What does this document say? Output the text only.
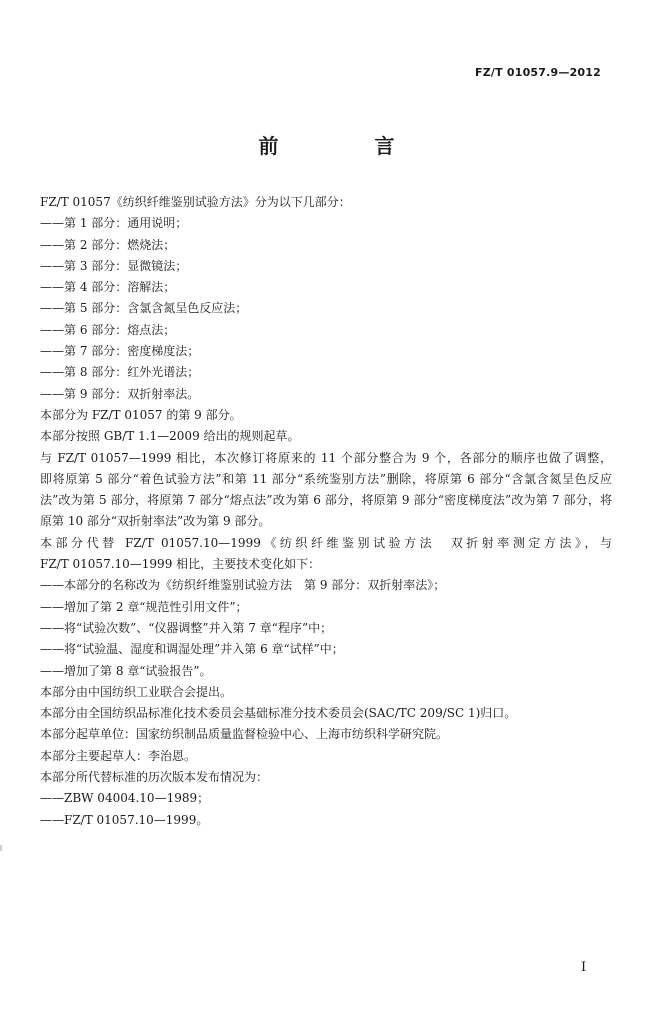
FZ/T 01057.9—2012
前　言
FZ/T 01057《纺织纤维鉴别试验方法》分为以下几部分：
——第 1 部分：通用说明；
——第 2 部分：燃烧法；
——第 3 部分：显微镜法；
——第 4 部分：溶解法；
——第 5 部分：含氯含氮呈色反应法；
——第 6 部分：熔点法；
——第 7 部分：密度梯度法；
——第 8 部分：红外光谱法；
——第 9 部分：双折射率法。
本部分为 FZ/T 01057 的第 9 部分。
本部分按照 GB/T 1.1—2009 给出的规则起草。
与 FZ/T 01057—1999 相比，本次修订将原来的 11 个部分整合为 9 个，各部分的顺序也做了调整，
即将原第 5 部分“着色试验方法”和第 11 部分“系统鉴别方法”删除，将原第 6 部分“含氯含氮呈色反应
法”改为第 5 部分，将原第 7 部分“熔点法”改为第 6 部分，将原第 9 部分“密度梯度法”改为第 7 部分，将
原第 10 部分“双折射率法”改为第 9 部分。
本部分代替 FZ/T 01057.10—1999《纺织纤维鉴别试验方法　双折射率测定方法》，与
FZ/T 01057.10—1999 相比，主要技术变化如下：
——本部分的名称改为《纺织纤维鉴别试验方法　第 9 部分：双折射率法》；
——增加了第 2 章“规范性引用文件”；
——将“试验次数”、“仪器调整”并入第 7 章“程序”中；
——将“试验温、湿度和调湿处理”并入第 6 章“试样”中；
——增加了第 8 章“试验报告”。
本部分由中国纺织工业联合会提出。
本部分由全国纺织品标准化技术委员会基础标准分技术委员会(SAC/TC 209/SC 1)归口。
本部分起草单位：国家纺织制品质量监督检验中心、上海市纺织科学研究院。
本部分主要起草人：李治恩。
本部分所代替标准的历次版本发布情况为：
——ZBW 04004.10—1989；
——FZ/T 01057.10—1999。
I
